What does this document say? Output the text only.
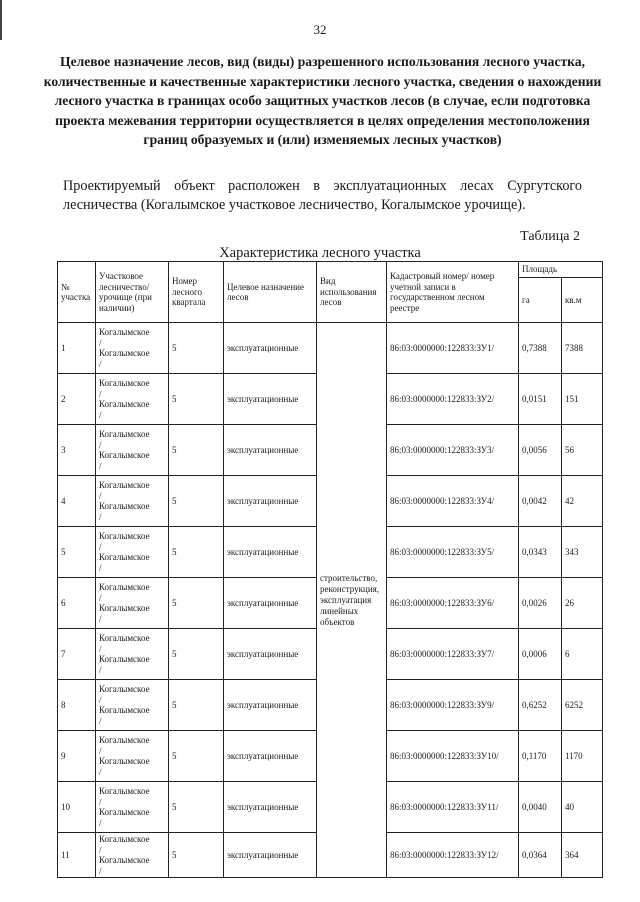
32
Целевое назначение лесов, вид (виды) разрешенного использования лесного участка, количественные и качественные характеристики лесного участка, сведения о нахождении лесного участка в границах особо защитных участков лесов (в случае, если подготовка проекта межевания территории осуществляется в целях определения местоположения границ образуемых и (или) изменяемых лесных участков)
Проектируемый объект расположен в эксплуатационных лесах Сургутского лесничества (Когалымское участковое лесничество, Когалымское урочище).
Таблица 2
Характеристика лесного участка
№ участка	Участковое лесничество/ урочище (при наличии)	Номер лесного квартала	Целевое назначение лесов	Вид использования лесов	Кадастровый номер/ номер учетной записи в государственном лесном реестре	Площадь	
						га	кв.м
1	Когалымское
/
Когалымское
/	5	эксплуатационные	строительство, реконструкция, эксплуатация линейных объектов	86:03:0000000:122833:ЗУ1/	0,7388	7388
2	Когалымское
/
Когалымское
/	5	эксплуатационные		86:03:0000000:122833:ЗУ2/	0,0151	151
3	Когалымское
/
Когалымское
/	5	эксплуатационные		86:03:0000000:122833:ЗУ3/	0,0056	56
4	Когалымское
/
Когалымское
/	5	эксплуатационные		86:03:0000000:122833:ЗУ4/	0,0042	42
5	Когалымское
/
Когалымское
/	5	эксплуатационные		86:03:0000000:122833:ЗУ5/	0,0343	343
6	Когалымское
/
Когалымское
/	5	эксплуатационные		86:03:0000000:122833:ЗУ6/	0,0026	26
7	Когалымское
/
Когалымское
/	5	эксплуатационные		86:03:0000000:122833:ЗУ7/	0,0006	6
8	Когалымское
/
Когалымское
/	5	эксплуатационные		86:03:0000000:122833:ЗУ9/	0,6252	6252
9	Когалымское
/
Когалымское
/	5	эксплуатационные		86:03:0000000:122833:ЗУ10/	0,1170	1170
10	Когалымское
/
Когалымское
/	5	эксплуатационные		86:03:0000000:122833:ЗУ11/	0,0040	40
11	Когалымское
/
Когалымское
/	5	эксплуатационные		86:03:0000000:122833:ЗУ12/	0,0364	364
